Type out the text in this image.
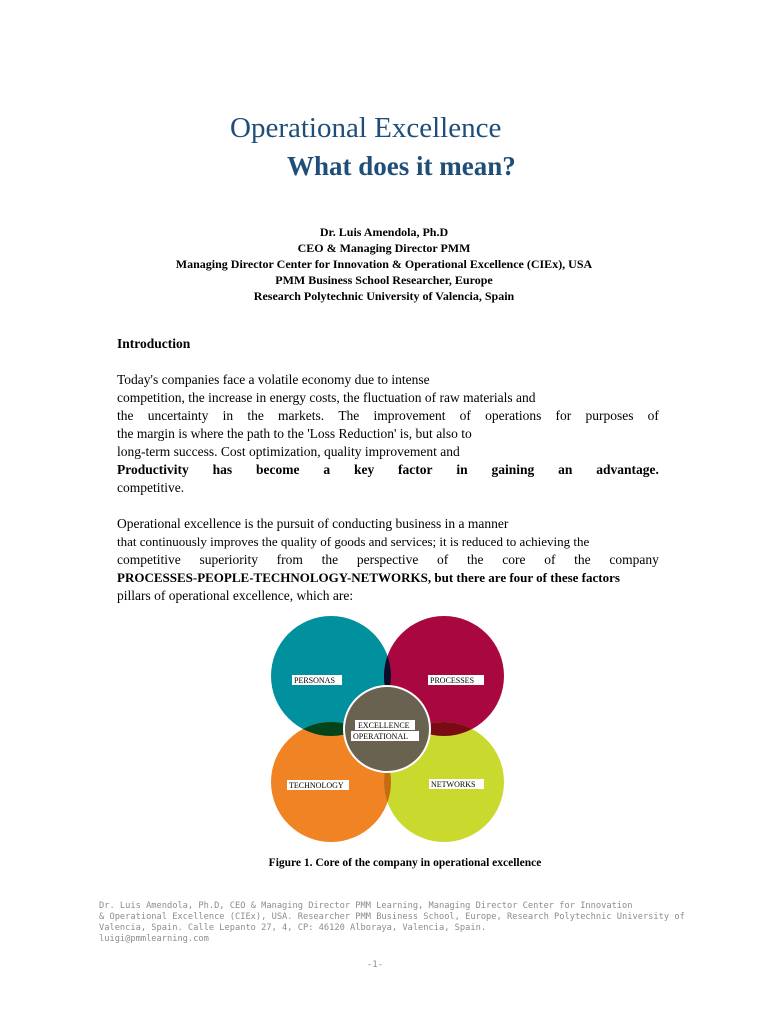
Operational Excellence
What does it mean?
Dr. Luis Amendola, Ph.D
CEO & Managing Director PMM
Managing Director Center for Innovation & Operational Excellence (CIEx), USA
PMM Business School Researcher, Europe
Research Polytechnic University of Valencia, Spain
Introduction
Today's companies face a volatile economy due to intense
competition, the increase in energy costs, the fluctuation of raw materials and
the uncertainty in the markets. The improvement of operations for purposes of
the margin is where the path to the 'Loss Reduction' is, but also to
long-term success. Cost optimization, quality improvement and
Productivity has become a key factor in gaining an advantage.
competitive.
Operational excellence is the pursuit of conducting business in a manner
that continuously improves the quality of goods and services; it is reduced to achieving the
competitive superiority from the perspective of the core of the company
PROCESSES-PEOPLE-TECHNOLOGY-NETWORKS, but there are four of these factors
pillars of operational excellence, which are:
PERSONAS	PROCESSES
TECHNOLOGY	NETWORKS
EXCELLENCE
OPERATIONAL
Figure 1. Core of the company in operational excellence
Dr. Luis Amendola, Ph.D, CEO & Managing Director PMM Learning, Managing Director Center for Innovation
& Operational Excellence (CIEx), USA. Researcher PMM Business School, Europe, Research Polytechnic University of
Valencia, Spain. Calle Lepanto 27, 4, CP: 46120 Alboraya, Valencia, Spain.
luigi@pmmlearning.com
-1-
